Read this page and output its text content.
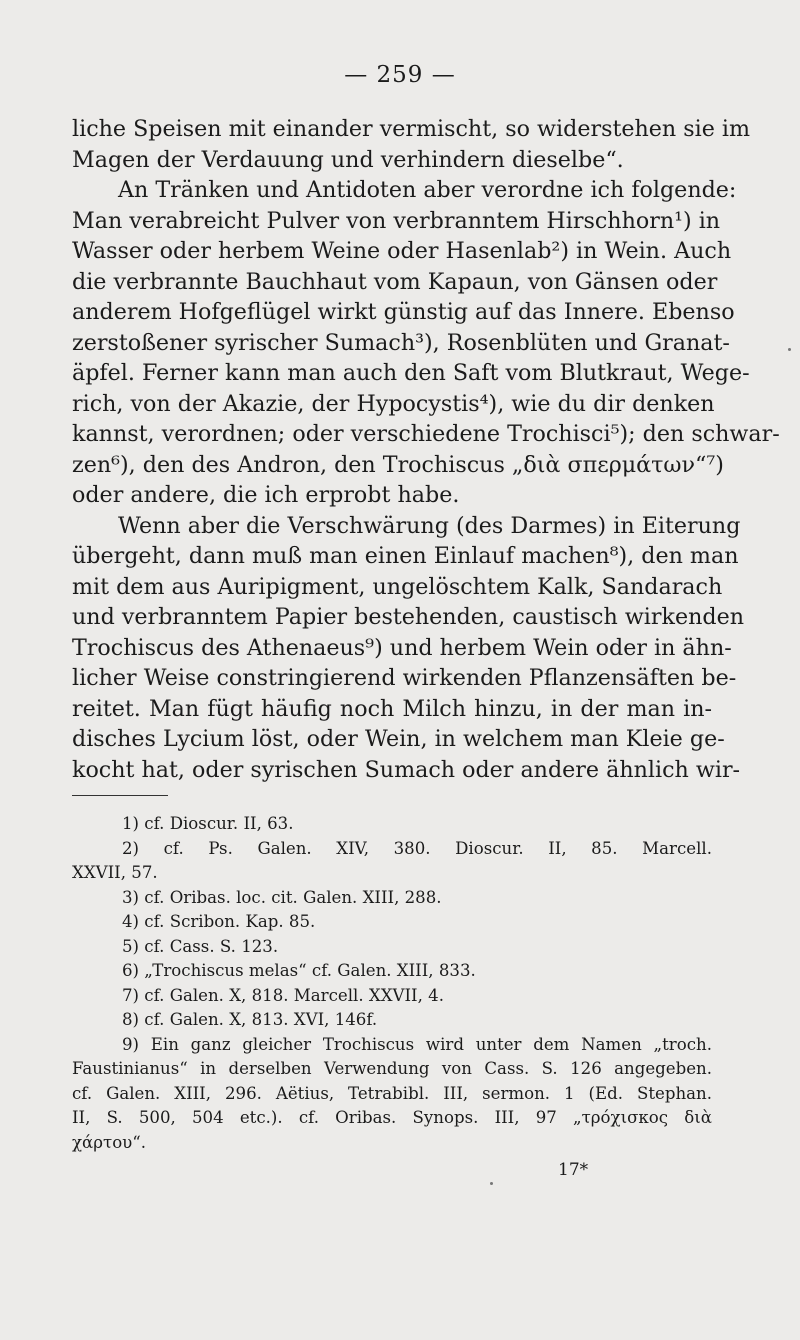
— 259 —
liche Speisen mit einander vermischt, so widerstehen sie im
Magen der Verdauung und verhindern dieselbe“.
An Tränken und Antidoten aber verordne ich folgende:
Man verabreicht Pulver von verbranntem Hirschhorn¹) in
Wasser oder herbem Weine oder Hasenlab²) in Wein. Auch
die verbrannte Bauchhaut vom Kapaun, von Gänsen oder
anderem Hofgeflügel wirkt günstig auf das Innere. Ebenso
zerstoßener syrischer Sumach³), Rosenblüten und Granat-
äpfel. Ferner kann man auch den Saft vom Blutkraut, Wege-
rich, von der Akazie, der Hypocystis⁴), wie du dir denken
kannst, verordnen; oder verschiedene Trochisci⁵); den schwar-
zen⁶), den des Andron, den Trochiscus „διὰ σπερμάτων“⁷)
oder andere, die ich erprobt habe.
Wenn aber die Verschwärung (des Darmes) in Eiterung
übergeht, dann muß man einen Einlauf machen⁸), den man
mit dem aus Auripigment, ungelöschtem Kalk, Sandarach
und verbranntem Papier bestehenden, caustisch wirkenden
Trochiscus des Athenaeus⁹) und herbem Wein oder in ähn-
licher Weise constringierend wirkenden Pflanzensäften be-
reitet. Man fügt häufig noch Milch hinzu, in der man in-
disches Lycium löst, oder Wein, in welchem man Kleie ge-
kocht hat, oder syrischen Sumach oder andere ähnlich wir-
1) cf. Dioscur. II, 63.
2) cf. Ps. Galen. XIV, 380. Dioscur. II, 85. Marcell.
XXVII, 57.
3) cf. Oribas. loc. cit. Galen. XIII, 288.
4) cf. Scribon. Kap. 85.
5) cf. Cass. S. 123.
6) „Trochiscus melas“ cf. Galen. XIII, 833.
7) cf. Galen. X, 818. Marcell. XXVII, 4.
8) cf. Galen. X, 813. XVI, 146f.
9) Ein ganz gleicher Trochiscus wird unter dem Namen „troch.
Faustinianus“ in derselben Verwendung von Cass. S. 126 angegeben.
cf. Galen. XIII, 296. Aëtius, Tetrabibl. III, sermon. 1 (Ed. Stephan.
II, S. 500, 504 etc.). cf. Oribas. Synops. III, 97 „τρόχισκος διὰ
χάρτου“.
17*
